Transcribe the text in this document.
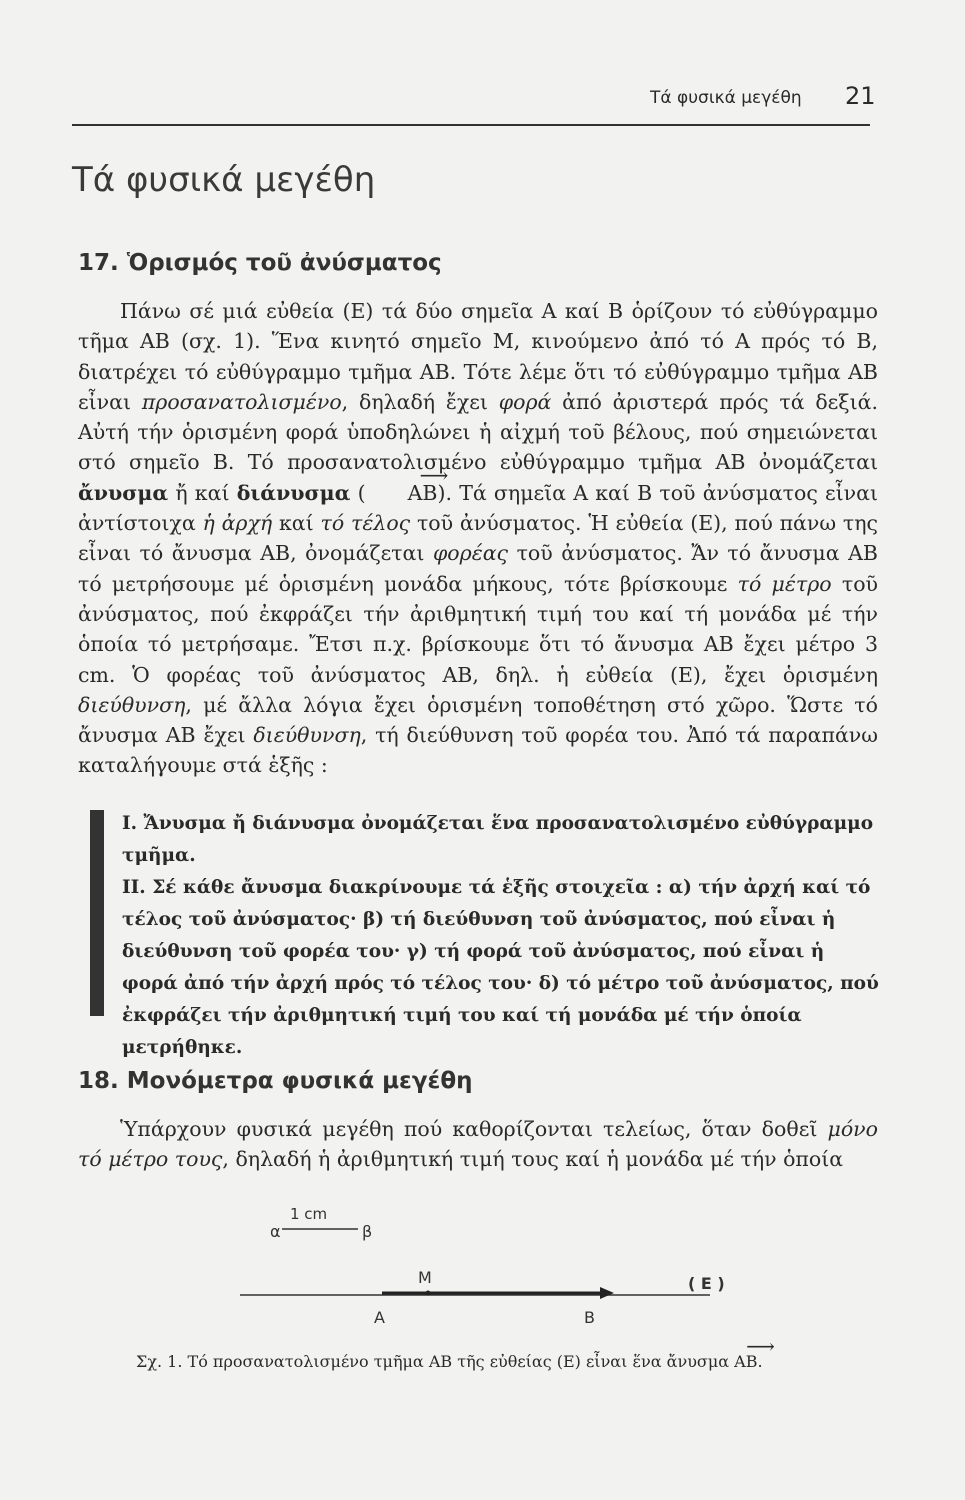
Τά φυσικά μεγέθη 21
Τά φυσικά μεγέθη
17. Ὁρισμός τοῦ ἀνύσματος

Πάνω σέ μιά εὐθεία (Ε) τά δύο σημεῖα Α καί Β ὁρίζουν τό εὐθύγραμμο τῆμα ΑΒ (σχ. 1). Ἕνα κινητό σημεῖο Μ, κινούμενο ἀπό τό Α πρός τό Β, διατρέχει τό εὐθύγραμμο τμῆμα ΑΒ. Τότε λέμε ὅτι τό εὐθύγραμμο τμῆμα ΑΒ εἶναι προσανατολισμένο, δηλαδή ἔχει φορά ἀπό ἀριστερά πρός τά δεξιά. Αὐτή τήν ὁρισμένη φορά ὑποδηλώνει ἡ αἰχμή τοῦ βέλους, πού σημειώνεται στό σημεῖο Β. Τό προσανατολισμένο εὐθύγραμμο τμῆμα ΑΒ ὀνομάζεται ἄνυσμα ἤ καί διάνυσμα (⟶ ΑΒ). Τά σημεῖα Α καί Β τοῦ ἀνύσματος εἶναι ἀντίστοιχα ἡ ἀρχή καί τό τέλος τοῦ ἀνύσματος. Ἡ εὐθεία (Ε), πού πάνω της εἶναι τό ἄνυσμα ΑΒ, ὀνομάζεται φορέας τοῦ ἀνύσματος. Ἄν τό ἄνυσμα ΑΒ τό μετρήσουμε μέ ὁρισμένη μονάδα μήκους, τότε βρίσκουμε τό μέτρο τοῦ ἀνύσματος, πού ἐκφράζει τήν ἀριθμητική τιμή του καί τή μονάδα μέ τήν ὁποία τό μετρήσαμε. Ἔτσι π.χ. βρίσκουμε ὅτι τό ἄνυσμα ΑΒ ἔχει μέτρο 3 cm. Ὁ φορέας τοῦ ἀνύσματος ΑΒ, δηλ. ἡ εὐθεία (Ε), ἔχει ὁρισμένη διεύθυνση, μέ ἄλλα λόγια ἔχει ὁρισμένη τοποθέτηση στό χῶρο. Ὥστε τό ἄνυσμα ΑΒ ἔχει διεύθυνση, τή διεύθυνση τοῦ φορέα του. Ἀπό τά παραπάνω καταλήγουμε στά ἑξῆς :

Ι. Ἄνυσμα ἤ διάνυσμα ὀνομάζεται ἕνα προσανατολισμένο εὐθύγραμμο τμῆμα.

ΙΙ. Σέ κάθε ἄνυσμα διακρίνουμε τά ἑξῆς στοιχεῖα : α) τήν ἀρχή καί τό τέλος τοῦ ἀνύσματος· β) τή διεύθυνση τοῦ ἀνύσματος, πού εἶναι ἡ διεύθυνση τοῦ φορέα του· γ) τή φορά τοῦ ἀνύσματος, πού εἶναι ἡ φορά ἀπό τήν ἀρχή πρός τό τέλος του· δ) τό μέτρο τοῦ ἀνύσματος, πού ἐκφράζει τήν ἀριθμητική τιμή του καί τή μονάδα μέ τήν ὁποία μετρήθηκε.

18. Μονόμετρα φυσικά μεγέθη

Ὑπάρχουν φυσικά μεγέθη πού καθορίζονται τελείως, ὅταν δοθεῖ μόνο τό μέτρο τους, δηλαδή ἡ ἀριθμητική τιμή τους καί ἡ μονάδα μέ τήν ὁποία

1 cm
α	β
Μ
Α	Β
( Ε )
Σχ. 1. Τό προσανατολισμένο τμῆμα ΑΒ τῆς εὐθείας (Ε) εἶναι ἕνα ἄνυσμα ⟶ ΑΒ.
